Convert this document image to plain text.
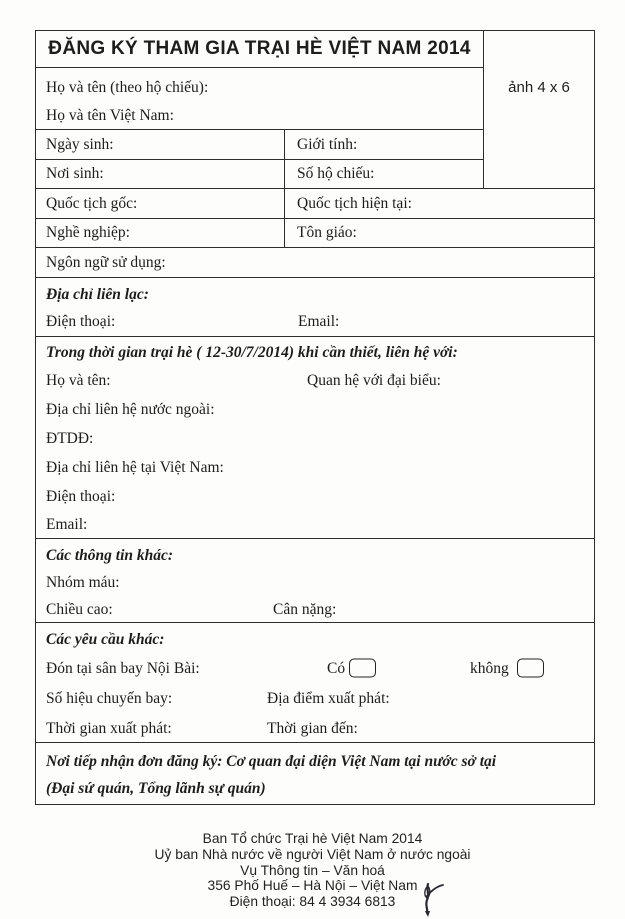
ĐĂNG KÝ THAM GIA TRẠI HÈ VIỆT NAM 2014
Họ và tên (theo hộ chiếu):
Họ và tên Việt Nam:
Ngày sinh:	Giới tính:
Nơi sinh:	Số hộ chiếu:
ảnh 4 x 6
Quốc tịch gốc:	Quốc tịch hiện tại:
Nghề nghiệp:	Tôn giáo:
Ngôn ngữ sử dụng:
Địa chỉ liên lạc:
Điện thoại:	Email:
Trong thời gian trại hè ( 12-30/7/2014) khi cần thiết, liên hệ với:
Họ và tên:	Quan hệ với đại biểu:
Địa chỉ liên hệ nước ngoài:
ĐTDĐ:
Địa chỉ liên hệ tại Việt Nam:
Điện thoại:
Email:
Các thông tin khác:
Nhóm máu:
Chiều cao:	Cân nặng:
Các yêu cầu khác:
Đón tại sân bay Nội Bài:	Có	không
Số hiệu chuyến bay:	Địa điểm xuất phát:
Thời gian xuất phát:	Thời gian đến:
Nơi tiếp nhận đơn đăng ký: Cơ quan đại diện Việt Nam tại nước sở tại
(Đại sứ quán, Tổng lãnh sự quán)
Ban Tổ chức Trại hè Việt Nam 2014
Uỷ ban Nhà nước về người Việt Nam ở nước ngoài
Vụ Thông tin – Văn hoá
356 Phố Huế – Hà Nội – Việt Nam
Điện thoại: 84 4 3934 6813
